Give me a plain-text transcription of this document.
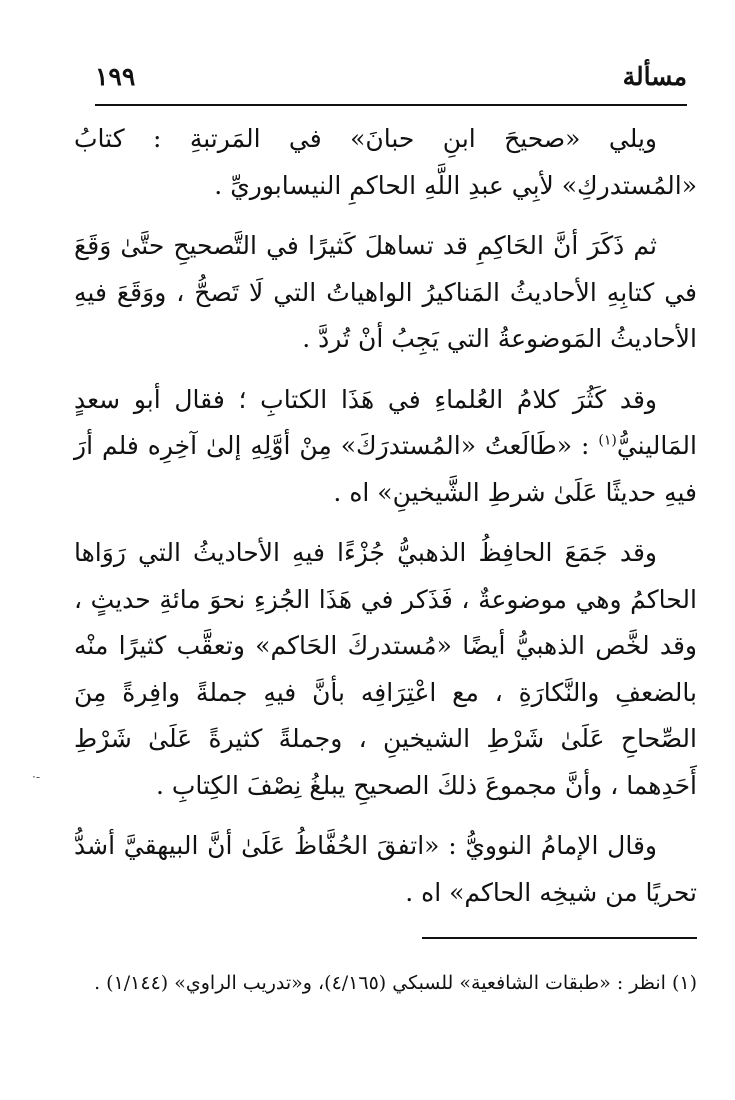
مسألة
١٩٩

ويلي «صحيحَ ابنِ حبانَ» في المَرتبةِ : كتابُ «المُستدركِ» لأبِي عبدِ اللَّهِ الحاكمِ النيسابوريِّ .

ثم ذَكَرَ أنَّ الحَاكِمِ قد تساهلَ كَثيرًا في التَّصحيحِ حتَّىٰ وَقَعَ في كتابِهِ الأحاديثُ المَناكيرُ الواهياتُ التي لَا تَصحُّ ، ووَقَعَ فيهِ الأحاديثُ المَوضوعةُ التي يَجِبُ أنْ تُردَّ .

وقد كَثُرَ كلامُ العُلماءِ في هَذَا الكتابِ ؛ فقال أبو سعدٍ المَالينيُّ$^{(١)}$ : «طَالَعتُ «المُستدرَكَ» مِنْ أوَّلِهِ إلىٰ آخِرِه فلم أرَ فيهِ حديثًا عَلَىٰ شرطِ الشَّيخينِ» اه .

وقد جَمَعَ الحافِظُ الذهبيُّ جُزْءًا فيهِ الأحاديثُ التي رَوَاها الحاكمُ وهي موضوعةٌ ، فَذَكر في هَذَا الجُزءِ نحوَ مائةِ حديثٍ ، وقد لخَّص الذهبيُّ أيضًا «مُستدركَ الحَاكم» وتعقَّب كثيرًا منْه بالضعفِ والنَّكارَةِ ، مع اعْتِرَافِه بأنَّ فيهِ جملةً وافِرةً مِنَ الصِّحاحِ عَلَىٰ شَرْطِ الشيخينِ ، وجملةً كثيرةً عَلَىٰ شَرْطِ أَحَدِهما ، وأنَّ مجموعَ ذلكَ الصحيحِ يبلغُ نِصْفَ الكِتابِ .

وقال الإمامُ النوويُّ : «اتفقَ الحُفَّاظُ عَلَىٰ أنَّ البيهقيَّ أشدُّ تحريًا من شيخِه الحاكم» اه .

(١) انظر : «طبقات الشافعية» للسبكي (٤/١٦٥)، و«تدريب الراوي» (١/١٤٤) .

-·
